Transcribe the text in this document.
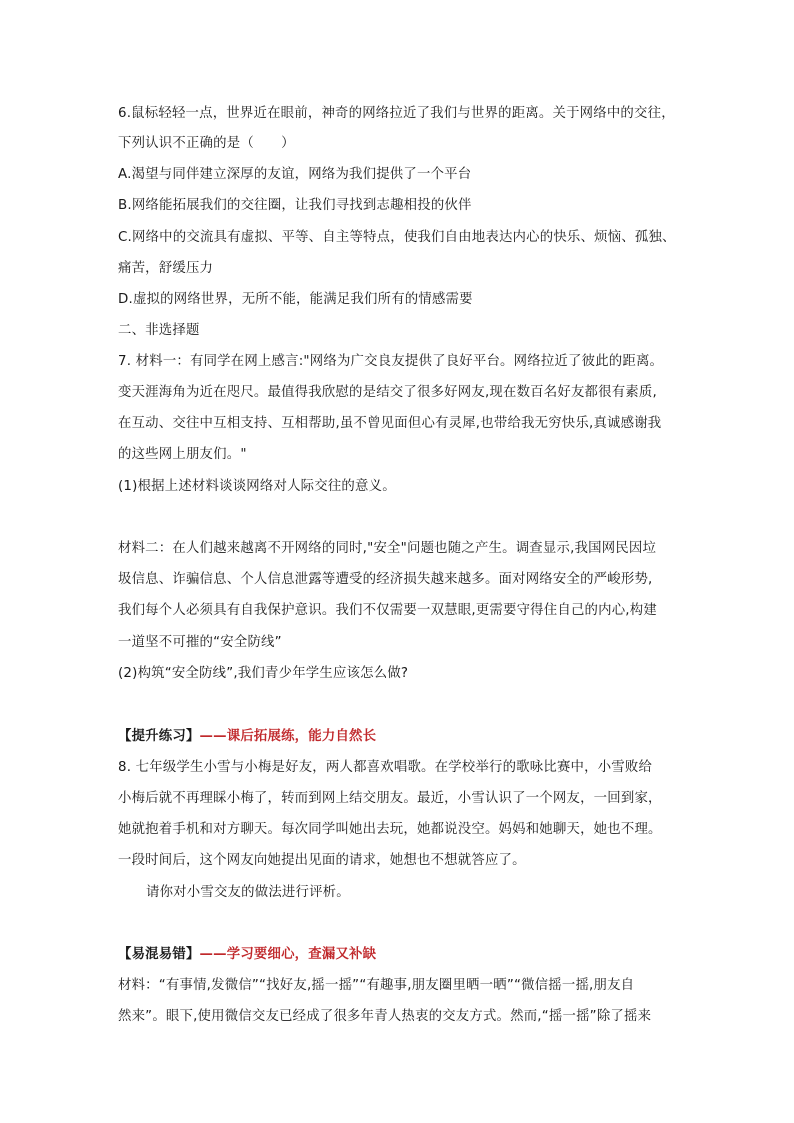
6.鼠标轻轻一点，世界近在眼前，神奇的网络拉近了我们与世界的距离。关于网络中的交往，
下列认识不正确的是（　　）
A.渴望与同伴建立深厚的友谊，网络为我们提供了一个平台
B.网络能拓展我们的交往圈，让我们寻找到志趣相投的伙伴
C.网络中的交流具有虚拟、平等、自主等特点，使我们自由地表达内心的快乐、烦恼、孤独、
痛苦，舒缓压力
D.虚拟的网络世界，无所不能，能满足我们所有的情感需要
二、非选择题
7. 材料一：有同学在网上感言:"网络为广交良友提供了良好平台。网络拉近了彼此的距离。
变天涯海角为近在咫尺。最值得我欣慰的是结交了很多好网友,现在数百名好友都很有素质,
在互动、交往中互相支持、互相帮助,虽不曾见面但心有灵犀,也带给我无穷快乐,真诚感谢我
的这些网上朋友们。"
(1)根据上述材料谈谈网络对人际交往的意义。
材料二：在人们越来越离不开网络的同时,"安全"问题也随之产生。调查显示,我国网民因垃
圾信息、诈骗信息、个人信息泄露等遭受的经济损失越来越多。面对网络安全的严峻形势,
我们每个人必须具有自我保护意识。我们不仅需要一双慧眼,更需要守得住自己的内心,构建
一道坚不可摧的“安全防线”
(2)构筑“安全防线”,我们青少年学生应该怎么做?
【提升练习】——课后拓展练，能力自然长
8. 七年级学生小雪与小梅是好友，两人都喜欢唱歌。在学校举行的歌咏比赛中，小雪败给
小梅后就不再理睬小梅了，转而到网上结交朋友。最近，小雪认识了一个网友，一回到家，
她就抱着手机和对方聊天。每次同学叫她出去玩，她都说没空。妈妈和她聊天，她也不理。
一段时间后，这个网友向她提出见面的请求，她想也不想就答应了。
请你对小雪交友的做法进行评析。
【易混易错】——学习要细心，查漏又补缺
材料：“有事情,发微信”“找好友,摇一摇”“有趣事,朋友圈里晒一晒”“微信摇一摇,朋友自
然来”。眼下,使用微信交友已经成了很多年青人热衷的交友方式。然而,“摇一摇”除了摇来
